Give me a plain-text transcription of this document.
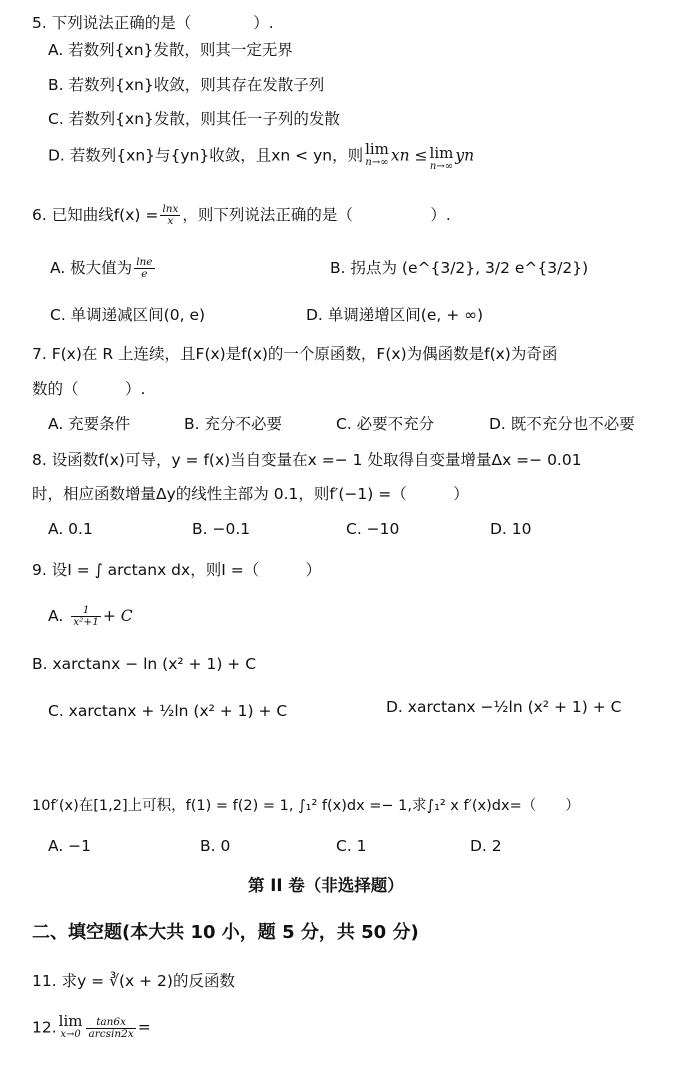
5. 下列说法正确的是（　　　　）.
A. 若数列{xn}发散，则其一定无界
B. 若数列{xn}收敛，则其存在发散子列
C. 若数列{xn}发散，则其任一子列的发散
D. 若数列{xn}与{yn}收敛，且xn < yn，则 lim
n→∞ xn ≤ lim
n→∞
yn
6. 已知曲线$f(x) = \frac{\ln x}{x}$ ，则下列说法正确的是（　　　　　）.
A. 极大值为 $\frac{\ln e}{e}$	B. 拐点为 (e^{3/2}, 3/2 e^{3/2})
C. 单调递减区间(0, e)	D. 单调递增区间(e, + ∞)
7. F(x)在 R 上连续，且F(x)是f(x)的一个原函数，F(x)为偶函数是f(x)为奇函
数的（　　　）.
A. 充要条件	B. 充分不必要	C. 必要不充分	D. 既不充分也不必要
8. 设函数f(x)可导，y = f(x)当自变量在x =− 1 处取得自变量增量Δx =− 0.01
时，相应函数增量Δy的线性主部为 0.1，则f′(−1) =（　　　）
A. 0.1	B. −0.1	C. −10	D. 10
9. 设I = ∫ arctanx dx，则I =（　　　）
A. $\frac{1}{\text{x²+1}} + C$
B. xarctanx − ln (x² + 1) + C
C. xarctanx + ½ln (x² + 1) + C	D. xarctanx −½ln (x² + 1) + C
10f′(x)在[1,2]上可积，f(1) = f(2) = 1, ∫₁² f(x)dx =− 1,求∫₁² x f′(x)dx=（　　）
A. −1	B. 0	C. 1	D. 2
第 II 卷（非选择题）
二、填空题(本大共 10 小，题 5 分，共 50 分)
11. 求y = ∛(x + 2)的反函数
12. lim
$x\to 0 \frac{\tan 6x}{\arcsin 2x}$ =
